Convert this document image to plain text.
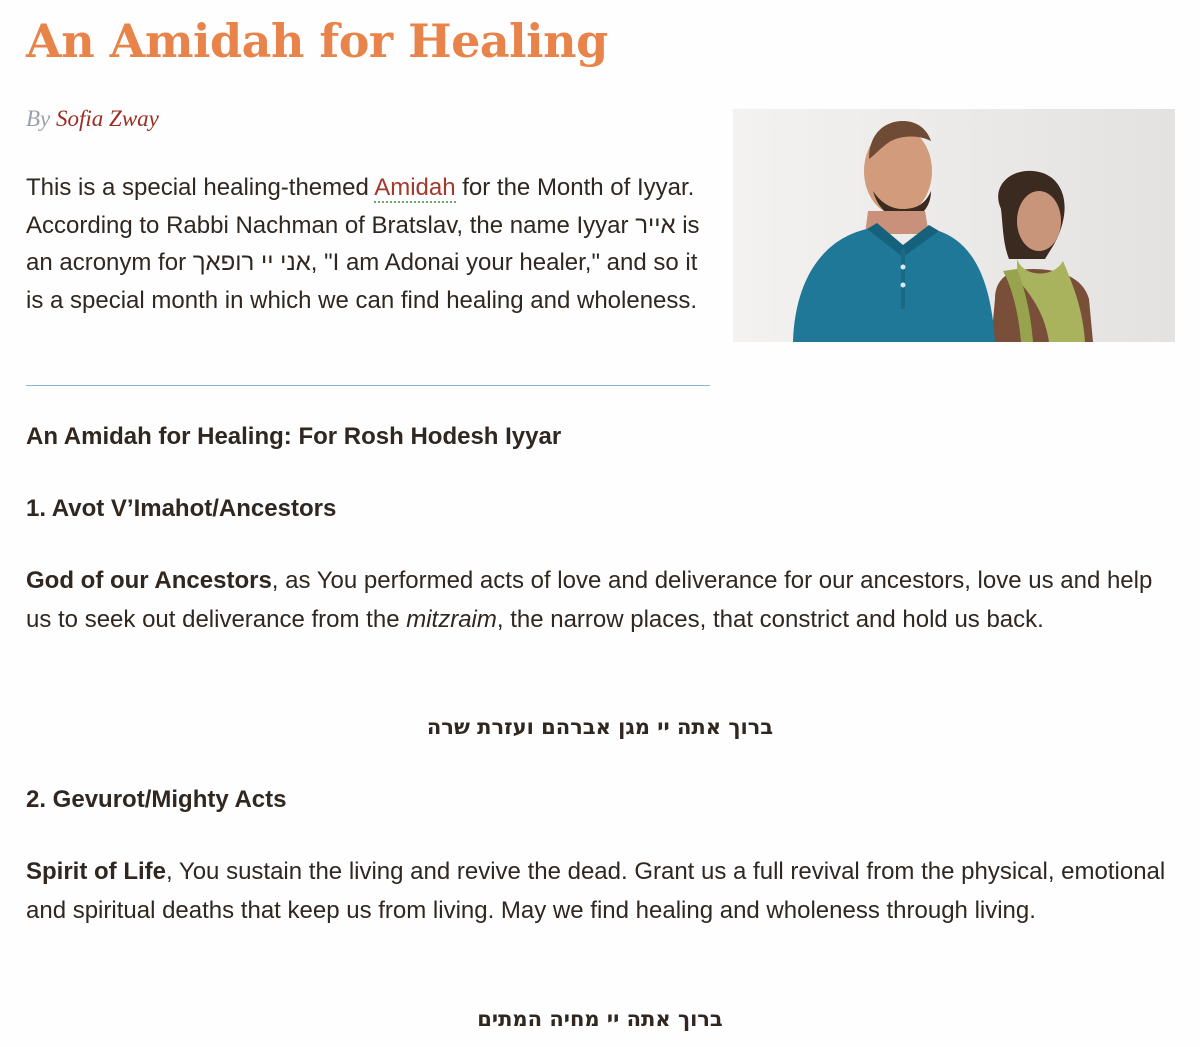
An Amidah for Healing
By Sofia Zway

This is a special healing-themed Amidah for the Month of Iyyar. According to Rabbi Nachman of Bratslav, the name Iyyar אייר is an acronym for אני יי רופאך, "I am Adonai your healer," and so it is a special month in which we can find healing and wholeness.

An Amidah for Healing: For Rosh Hodesh Iyyar
1. Avot V’Imahot/Ancestors

God of our Ancestors, as You performed acts of love and deliverance for our ancestors, love us and help us to seek out deliverance from the mitzraim, the narrow places, that constrict and hold us back.

ברוך אתה יי מגן אברהם ועזרת שרה
2. Gevurot/Mighty Acts

Spirit of Life, You sustain the living and revive the dead. Grant us a full revival from the physical, emotional and spiritual deaths that keep us from living. May we find healing and wholeness through living.

ברוך אתה יי מחיה המתים
